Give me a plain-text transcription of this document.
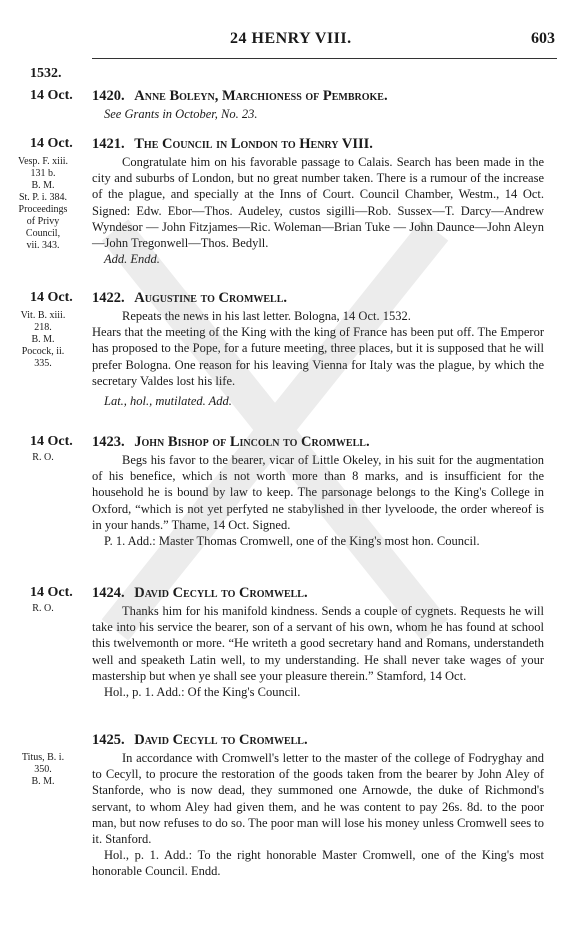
24 HENRY VIII.	603
1532.
14 Oct. 1420. Anne Boleyn, Marchioness of Pembroke.

See Grants in October, No. 23.

14 Oct. 1421. The Council in London to Henry VIII.
Vesp. F. xiii.
131 b.
B. M.
St. P. i. 384.
Proceedings
of Privy
Council,
vii. 343.

Congratulate him on his favorable passage to Calais. Search has been made in the city and suburbs of London, but no great number taken. There is a rumour of the increase of the plague, and specially at the Inns of Court. Council Chamber, Westm., 14 Oct. Signed: Edw. Ebor—Thos. Audeley, custos sigilli—Rob. Sussex—T. Darcy—Andrew Wyndesor — John Fitzjames—Ric. Woleman—Brian Tuke — John Daunce—John Aleyn—John Tregonwell—Thos. Bedyll.

Add. Endd.

14 Oct. 1422. Augustine to Cromwell.
Vit. B. xiii.
218.
B. M.
Pocock, ii.
335.

Repeats the news in his last letter. Bologna, 14 Oct. 1532.

Hears that the meeting of the King with the king of France has been put off. The Emperor has proposed to the Pope, for a future meeting, three places, but it is supposed that he will prefer Bologna. One reason for his leaving Vienna for Italy was the plague, by which the secretary Valdes lost his life.

Lat., hol., mutilated. Add.

14 Oct. 1423. John Bishop of Lincoln to Cromwell.
R. O.	Begs his favor to the bearer, vicar of Little Okeley, in his suit for the augmentation of his benefice, which is not worth more than 8 marks, and is insufficient for the household he is bound by law to keep. The parsonage belongs to the King's College in Oxford, “which is not yet perfyted ne stabylished in ther lyveloode, the order whereof is in your hands.” Thame, 14 Oct. Signed.

P. 1. Add.: Master Thomas Cromwell, one of the King's most hon. Council.

14 Oct. 1424. David Cecyll to Cromwell.
R. O.	Thanks him for his manifold kindness. Sends a couple of cygnets. Requests he will take into his service the bearer, son of a servant of his own, whom he has found at school this twelvemonth or more. “He writeth a good secretary hand and Romans, understandeth well and speaketh Latin well, to my understanding. He shall never take wages of your mastership but when ye shall see your pleasure therein.” Stamford, 14 Oct.

Hol., p. 1. Add.: Of the King's Council.

1425. David Cecyll to Cromwell.
Titus, B. i.
350.
B. M.

In accordance with Cromwell's letter to the master of the college of Fodryghay and to Cecyll, to procure the restoration of the goods taken from the bearer by John Aley of Stanforde, who is now dead, they summoned one Arnowde, the duke of Richmond's servant, to whom Aley had given them, and he was content to pay 26s. 8d. to the poor man, but now refuses to do so. The poor man will lose his money unless Cromwell sees to it. Stanford.

Hol., p. 1. Add.: To the right honorable Master Cromwell, one of the King's most honorable Council. Endd.
